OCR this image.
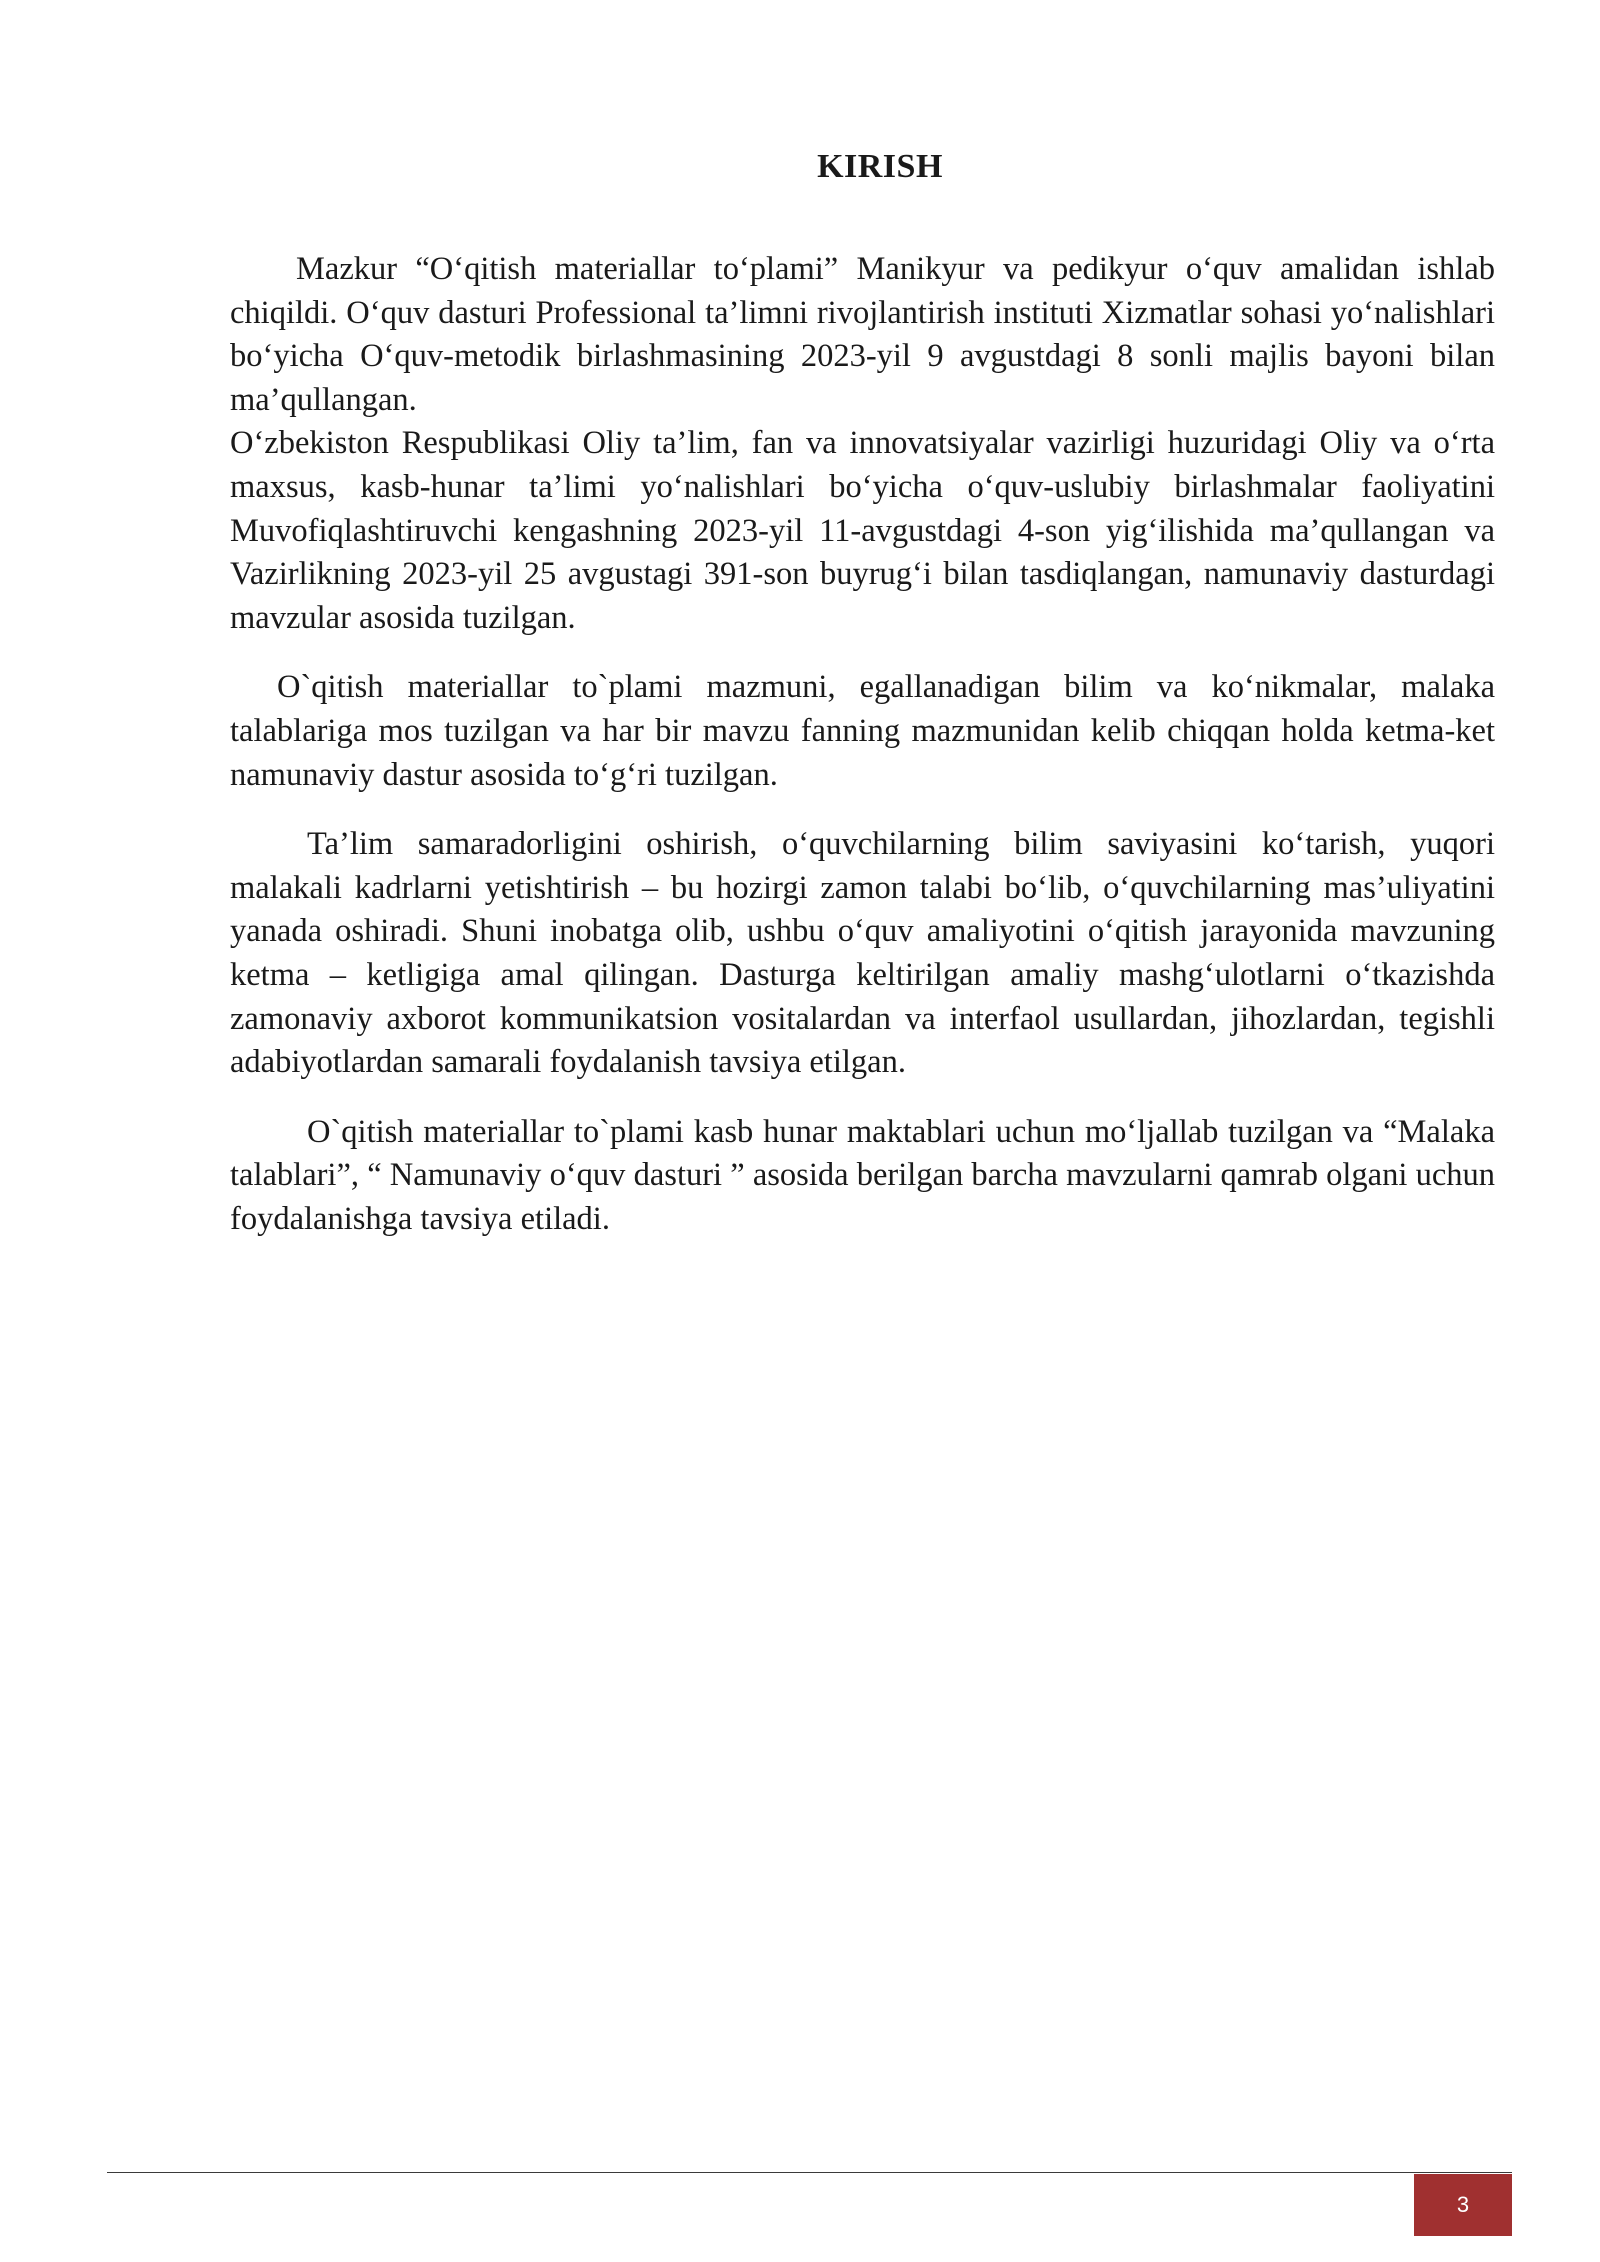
KIRISH

Mazkur “O‘qitish materiallar to‘plami” Manikyur va pedikyur o‘quv amalidan ishlab chiqildi. O‘quv dasturi Professional ta’limni rivojlantirish instituti Xizmatlar sohasi yo‘nalishlari bo‘yicha O‘quv-metodik birlashmasining 2023-yil 9 avgustdagi 8 sonli majlis bayoni bilan ma’qullangan.

O‘zbekiston Respublikasi Oliy ta’lim, fan va innovatsiyalar vazirligi huzuridagi Oliy va o‘rta maxsus, kasb-hunar ta’limi yo‘nalishlari bo‘yicha o‘quv-uslubiy birlashmalar faoliyatini Muvofiqlashtiruvchi kengashning 2023-yil 11-avgustdagi 4-son yig‘ilishida ma’qullangan va Vazirlikning 2023-yil 25 avgustagi 391-son buyrug‘i bilan tasdiqlangan, namunaviy dasturdagi mavzular asosida tuzilgan.

O`qitish materiallar to`plami mazmuni, egallanadigan bilim va ko‘nikmalar, malaka talablariga mos tuzilgan va har bir mavzu fanning mazmunidan kelib chiqqan holda ketma-ket namunaviy dastur asosida to‘g‘ri tuzilgan.

Ta’lim samaradorligini oshirish, o‘quvchilarning bilim saviyasini ko‘tarish, yuqori malakali kadrlarni yetishtirish – bu hozirgi zamon talabi bo‘lib, o‘quvchilarning mas’uliyatini yanada oshiradi. Shuni inobatga olib, ushbu o‘quv amaliyotini o‘qitish jarayonida mavzuning ketma – ketligiga amal qilingan. Dasturga keltirilgan amaliy mashg‘ulotlarni o‘tkazishda zamonaviy axborot kommunikatsion vositalardan va interfaol usullardan, jihozlardan, tegishli adabiyotlardan samarali foydalanish tavsiya etilgan.

O`qitish materiallar to`plami kasb hunar maktablari uchun mo‘ljallab tuzilgan va “Malaka talablari”, “ Namunaviy o‘quv dasturi ” asosida berilgan barcha mavzularni qamrab olgani uchun foydalanishga tavsiya etiladi.

3
